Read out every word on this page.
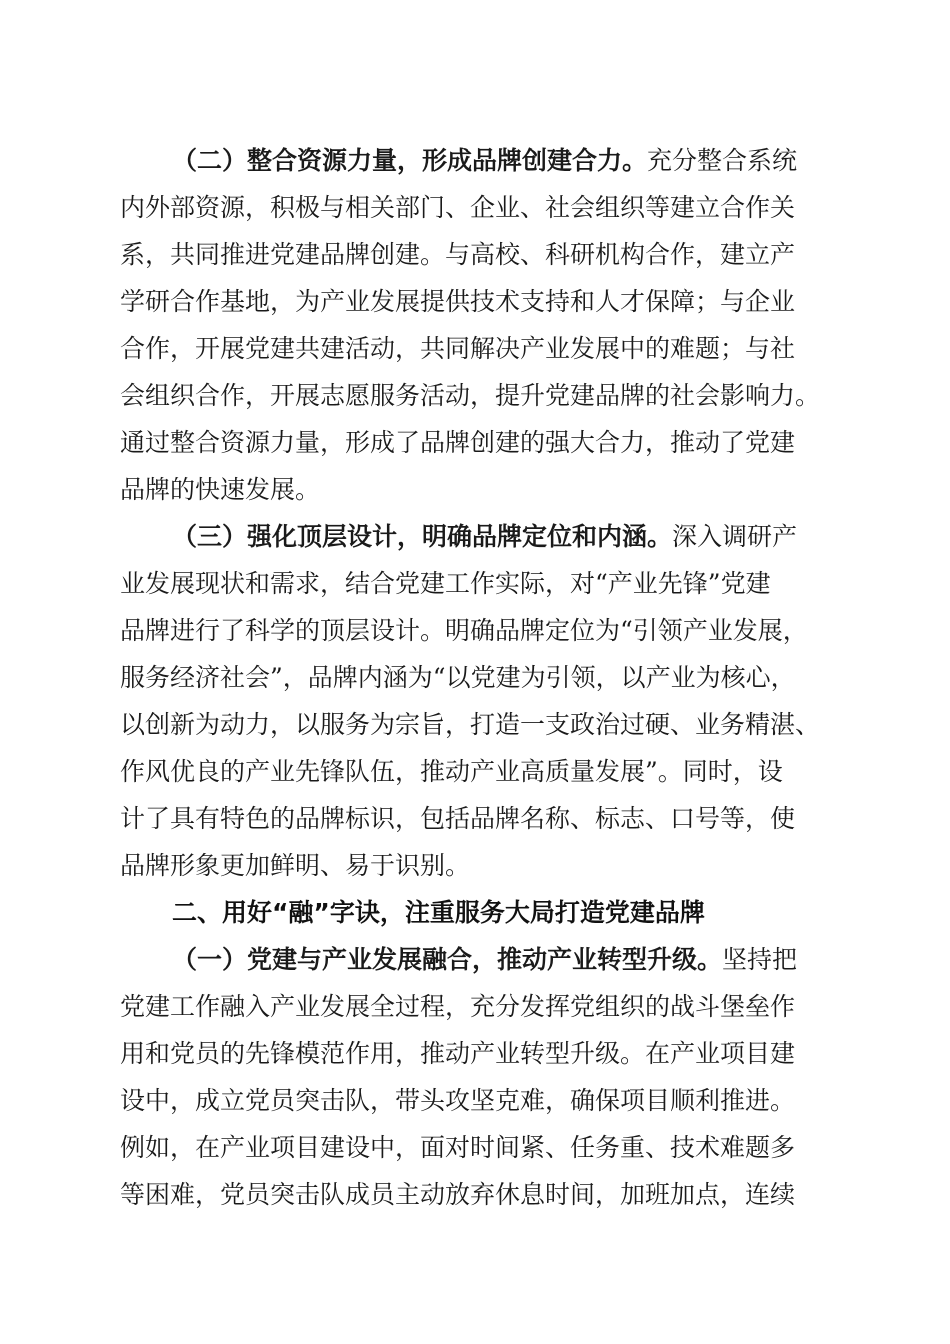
（二）整合资源力量，形成品牌创建合力。充分整合系统
内外部资源，积极与相关部门、企业、社会组织等建立合作关
系，共同推进党建品牌创建。与高校、科研机构合作，建立产
学研合作基地，为产业发展提供技术支持和人才保障；与企业
合作，开展党建共建活动，共同解决产业发展中的难题；与社
会组织合作，开展志愿服务活动，提升党建品牌的社会影响力。
通过整合资源力量，形成了品牌创建的强大合力，推动了党建
品牌的快速发展。
（三）强化顶层设计，明确品牌定位和内涵。深入调研产
业发展现状和需求，结合党建工作实际，对“产业先锋”党建
品牌进行了科学的顶层设计。明确品牌定位为“引领产业发展，
服务经济社会”，品牌内涵为“以党建为引领，以产业为核心，
以创新为动力，以服务为宗旨，打造一支政治过硬、业务精湛、
作风优良的产业先锋队伍，推动产业高质量发展”。同时，设
计了具有特色的品牌标识，包括品牌名称、标志、口号等，使
品牌形象更加鲜明、易于识别。
二、用好“融”字诀，注重服务大局打造党建品牌
（一）党建与产业发展融合，推动产业转型升级。坚持把
党建工作融入产业发展全过程，充分发挥党组织的战斗堡垒作
用和党员的先锋模范作用，推动产业转型升级。在产业项目建
设中，成立党员突击队，带头攻坚克难，确保项目顺利推进。
例如，在产业项目建设中，面对时间紧、任务重、技术难题多
等困难，党员突击队成员主动放弃休息时间，加班加点，连续
